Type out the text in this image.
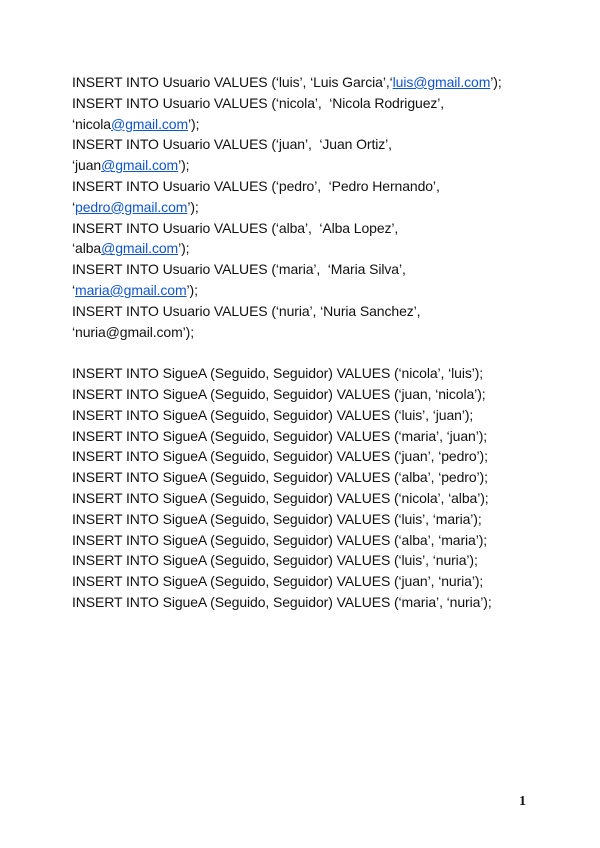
INSERT INTO Usuario VALUES (‘luis’, ‘Luis Garcia’,‘luis@gmail.com’);
INSERT INTO Usuario VALUES (‘nicola’,  ‘Nicola Rodriguez’,
‘nicola@gmail.com’);
INSERT INTO Usuario VALUES (‘juan’,  ‘Juan Ortiz’,
‘juan@gmail.com’);
INSERT INTO Usuario VALUES (‘pedro’,  ‘Pedro Hernando’,
‘pedro@gmail.com’);
INSERT INTO Usuario VALUES (‘alba’,  ‘Alba Lopez’,
‘alba@gmail.com’);
INSERT INTO Usuario VALUES (‘maria’,  ‘Maria Silva’,
‘maria@gmail.com’);
INSERT INTO Usuario VALUES (‘nuria’, ‘Nuria Sanchez’,
‘nuria@gmail.com’);
INSERT INTO SigueA (Seguido, Seguidor) VALUES (‘nicola’, ‘luis’);
INSERT INTO SigueA (Seguido, Seguidor) VALUES (‘juan, ‘nicola’);
INSERT INTO SigueA (Seguido, Seguidor) VALUES (‘luis’, ‘juan’);
INSERT INTO SigueA (Seguido, Seguidor) VALUES (‘maria’, ‘juan’);
INSERT INTO SigueA (Seguido, Seguidor) VALUES (‘juan’, ‘pedro’);
INSERT INTO SigueA (Seguido, Seguidor) VALUES (‘alba’, ‘pedro’);
INSERT INTO SigueA (Seguido, Seguidor) VALUES (‘nicola’, ‘alba’);
INSERT INTO SigueA (Seguido, Seguidor) VALUES (‘luis’, ‘maria’);
INSERT INTO SigueA (Seguido, Seguidor) VALUES (‘alba’, ‘maria’);
INSERT INTO SigueA (Seguido, Seguidor) VALUES (‘luis’, ‘nuria’);
INSERT INTO SigueA (Seguido, Seguidor) VALUES (‘juan’, ‘nuria’);
INSERT INTO SigueA (Seguido, Seguidor) VALUES (‘maria’, ‘nuria’);
1
